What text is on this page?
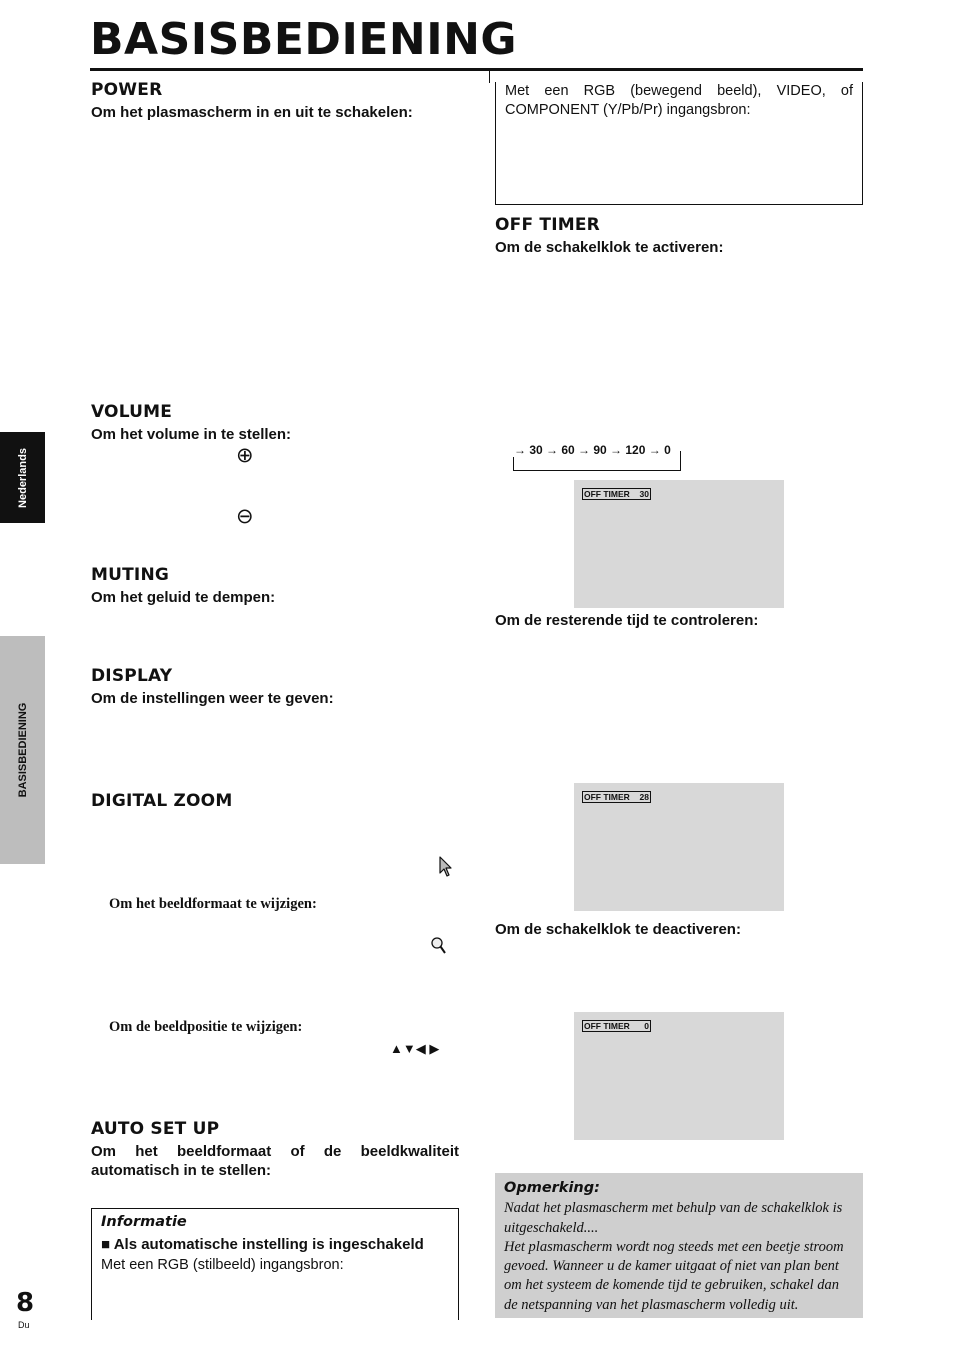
BASISBEDIENING
Nederlands
BASISBEDIENING
POWER

Om het plasmascherm in en uit te schakelen:

VOLUME

Om het volume in te stellen:

⊕
⊖
MUTING

Om het geluid te dempen:

DISPLAY

Om de instellingen weer te geven:

DIGITAL ZOOM

Om het beeldformaat te wijzigen:

Om de beeldpositie te wijzigen:

▲▼◀ ▶
AUTO SET UP

Om het beeldformaat of de beeldkwaliteit automatisch in te stellen:

Informatie
■ Als automatische instelling is ingeschakeld
Met een RGB (stilbeeld) ingangsbron:
Met een RGB (bewegend beeld), VIDEO, of COMPONENT (Y/Pb/Pr) ingangsbron:
OFF TIMER

Om de schakelklok te activeren:

→ 30 → 60 → 90 → 120 → 0
OFF TIMER 30

Om de resterende tijd te controleren:

OFF TIMER 28

Om de schakelklok te deactiveren:

OFF TIMER 0
Opmerking:
Nadat het plasmascherm met behulp van de schakelklok is uitgeschakeld....
Het plasmascherm wordt nog steeds met een beetje stroom gevoed. Wanneer u de kamer uitgaat of niet van plan bent om het systeem de komende tijd te gebruiken, schakel dan de netspanning van het plasmascherm volledig uit.
8
Du
